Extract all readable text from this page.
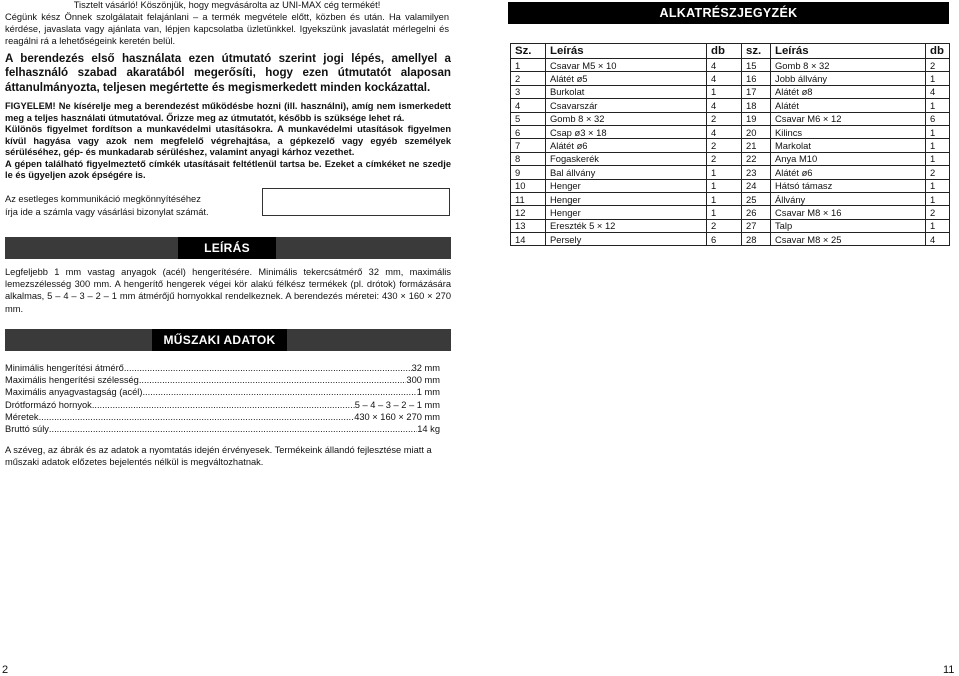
Tisztelt vásárló! Köszönjük, hogy megvásárolta az UNI-MAX cég termékét!

Cégünk kész Önnek szolgálatait felajánlani – a termék megvétele előtt, közben és után. Ha valamilyen kérdése, javaslata vagy ajánlata van, lépjen kapcsolatba üzletünkkel. Igyekszünk javaslatát mérlegelni és reagálni rá a lehetőségeink keretén belül.

A berendezés első használata ezen útmutató szerint jogi lépés, amellyel a felhasználó szabad akaratából megerősíti, hogy ezen útmutatót alaposan áttanulmányozta, teljesen megértette és megismerkedett minden kockázattal.

FIGYELEM! Ne kísérelje meg a berendezést működésbe hozni (ill. használni), amíg nem ismerkedett meg a teljes használati útmutatóval. Őrizze meg az útmutatót, később is szüksége lehet rá.

Különös figyelmet fordítson a munkavédelmi utasításokra. A munkavédelmi utasítások figyelmen kívül hagyása vagy azok nem megfelelő végrehajtása, a gépkezelő vagy egyéb személyek sérüléséhez, gép- és munkadarab sérüléshez, valamint anyagi kárhoz vezethet.

A gépen található figyelmeztető címkék utasításait feltétlenül tartsa be. Ezeket a címkéket ne szedje le és ügyeljen azok épségére is.

Az esetleges kommunikáció megkönnyítéséhez

írja ide a számla vagy vásárlási bizonylat számát.

LEÍRÁS

Legfeljebb 1 mm vastag anyagok (acél) hengerítésére. Minimális tekercsátmérő 32 mm, maximális lemezszélesség 300 mm. A hengerítő hengerek végei kör alakú félkész termékek (pl. drótok) formázására alkalmas, 5 – 4 – 3 – 2 – 1 mm átmérőjű hornyokkal rendelkeznek. A berendezés méretei: 430 × 160 × 270 mm.

MŰSZAKI ADATOK
Minimális hengerítési átmérő .....	32 mm
Maximális hengerítési szélesség .....	300 mm
Maximális anyagvastagság (acél) .....	1 mm
Drótformázó hornyok .....	5 – 4 – 3 – 2 – 1 mm
Méretek .....	430 × 160 × 270 mm
Bruttó súly .....	14 kg

A széveg, az ábrák és az adatok a nyomtatás idején érvényesek. Termékeink állandó fejlesztése miatt a műszaki adatok előzetes bejelentés nélkül is megváltozhatnak.

2	11
ALKATRÉSZJEGYZÉK
Sz.	Leírás	db	sz.	Leírás	db
1	Csavar M5 × 10	4	15	Gomb 8 × 32	2
2	Alátét ø5	4	16	Jobb állvány	1
3	Burkolat	1	17	Alátét ø8	4
4	Csavarszár	4	18	Alátét	1
5	Gomb 8 × 32	2	19	Csavar M6 × 12	6
6	Csap ø3 × 18	4	20	Kilincs	1
7	Alátét ø6	2	21	Markolat	1
8	Fogaskerék	2	22	Anya M10	1
9	Bal állvány	1	23	Alátét ø6	2
10	Henger	1	24	Hátsó támasz	1
11	Henger	1	25	Állvány	1
12	Henger	1	26	Csavar M8 × 16	2
13	Ereszték 5 × 12	2	27	Talp	1
14	Persely	6	28	Csavar M8 × 25	4
